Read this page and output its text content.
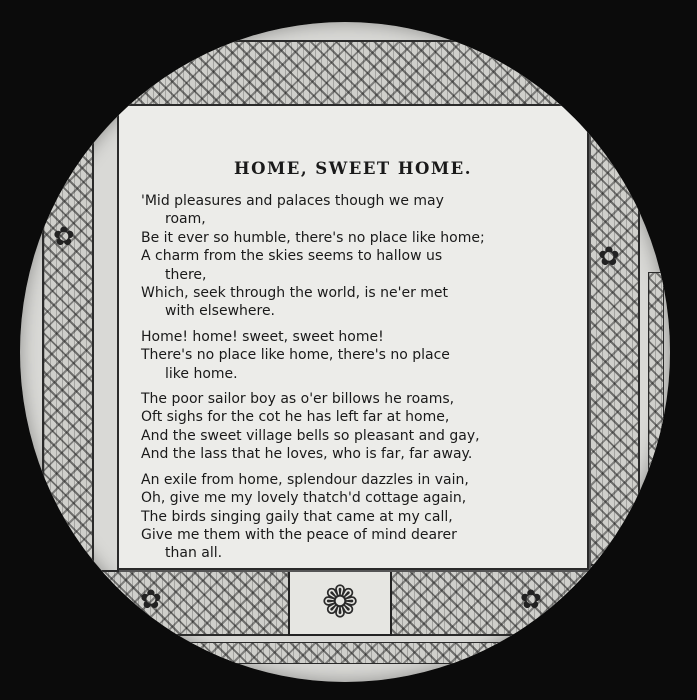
❁
✿	✿
✿
✿
HOME, SWEET HOME.
'Mid pleasures and palaces though we may
roam,
Be it ever so humble, there's no place like home;
A charm from the skies seems to hallow us
there,
Which, seek through the world, is ne'er met
with elsewhere.
Home! home! sweet, sweet home!
There's no place like home, there's no place
like home.
The poor sailor boy as o'er billows he roams,
Oft sighs for the cot he has left far at home,
And the sweet village bells so pleasant and gay,
And the lass that he loves, who is far, far away.
An exile from home, splendour dazzles in vain,
Oh, give me my lovely thatch'd cottage again,
The birds singing gaily that came at my call,
Give me them with the peace of mind dearer
than all.
